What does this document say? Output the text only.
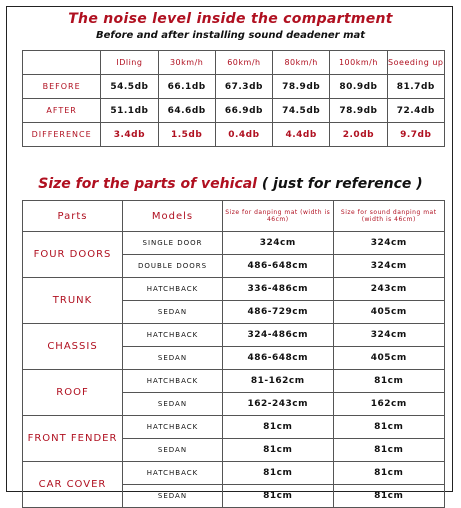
The noise level inside the compartment
Before and after installing sound deadener mat
	IDling	30km/h	60km/h	80km/h	100km/h	Soeeding up
BEFORE	54.5db	66.1db	67.3db	78.9db	80.9db	81.7db
AFTER	51.1db	64.6db	66.9db	74.5db	78.9db	72.4db
DIFFERENCE	3.4db	1.5db	0.4db	4.4db	2.0db	9.7db
Size for the parts of vehical ( just for reference )
Parts	Models	Size for danping mat (width is 46cm)	Size for sound danping mat (width is 46cm)
FOUR DOORS	SINGLE DOOR	324cm	324cm
	DOUBLE DOORS	486-648cm	324cm
TRUNK	HATCHBACK	336-486cm	243cm
	SEDAN	486-729cm	405cm
CHASSIS	HATCHBACK	324-486cm	324cm
	SEDAN	486-648cm	405cm
ROOF	HATCHBACK	81-162cm	81cm
	SEDAN	162-243cm	162cm
FRONT FENDER	HATCHBACK	81cm	81cm
	SEDAN	81cm	81cm
CAR COVER	HATCHBACK	81cm	81cm
	SEDAN	81cm	81cm
